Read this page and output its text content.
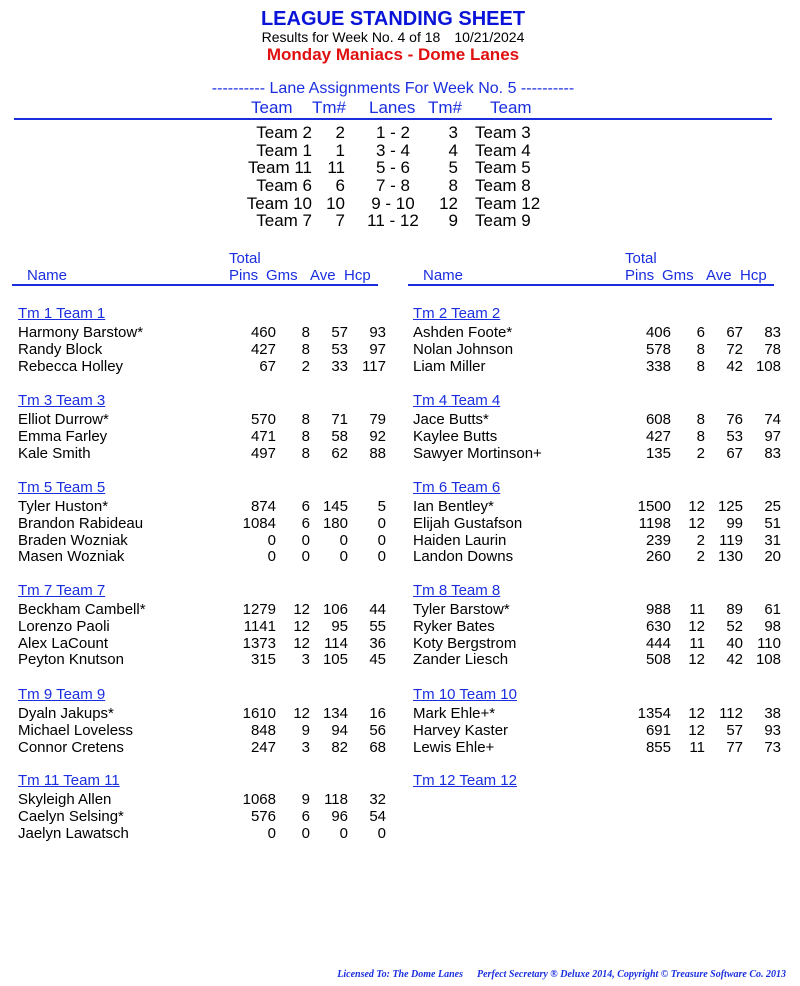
LEAGUE STANDING SHEET
Results for Week No. 4 of 18 10/21/2024
Monday Maniacs - Dome Lanes
---------- Lane Assignments For Week No. 5 ----------
Team Tm# Lanes Tm# Team
Team 2	2	1 - 2	3 Team 3
Team 1	1	3 - 4	4 Team 4
Team 11 11	5 - 6	5 Team 5
Team 6	6	7 - 8	8 Team 8
Team 10 10	9 - 10	12 Team 12
Team 7	7	11 - 12	9 Team 9
Total
Name	Pins Gms Ave Hcp
Total
Name	Pins Gms Ave Hcp
Tm 1 Team 1
Harmony Barstow*	460	8	57	93
Randy Block	427	8	53	97
Rebecca Holley	67	2	33 117
Tm 3 Team 3
Elliot Durrow*	570	8	71	79
Emma Farley	471	8	58	92
Kale Smith	497	8	62	88
Tm 5 Team 5
Tyler Huston*	874	6 145	5
Brandon Rabideau	1084	6 180	0
Braden Wozniak	0	0	0	0
Masen Wozniak	0	0	0	0
Tm 7 Team 7
Beckham Cambell*	1279	12 106	44
Lorenzo Paoli	1141	12	95	55
Alex LaCount	1373	12 114	36
Peyton Knutson	315	3 105	45
Tm 9 Team 9
Dyaln Jakups*	1610	12 134	16
Michael Loveless	848	9	94	56
Connor Cretens	247	3	82	68
Tm 11 Team 11
Skyleigh Allen	1068	9 118	32
Caelyn Selsing*	576	6	96	54
Jaelyn Lawatsch	0	0	0	0
Tm 2 Team 2
Ashden Foote*	406	6	67	83
Nolan Johnson	578	8	72	78
Liam Miller	338	8	42 108
Tm 4 Team 4
Jace Butts*	608	8	76	74
Kaylee Butts	427	8	53	97
Sawyer Mortinson+	135	2	67	83
Tm 6 Team 6
Ian Bentley*	1500	12 125	25
Elijah Gustafson	1198	12	99	51
Haiden Laurin	239	2 119	31
Landon Downs	260	2 130	20
Tm 8 Team 8
Tyler Barstow*	988	11	89	61
Ryker Bates	630	12	52	98
Koty Bergstrom	444	11	40 110
Zander Liesch	508	12	42 108
Tm 10 Team 10
Mark Ehle+*	1354	12 112	38
Harvey Kaster	691	12	57	93
Lewis Ehle+	855	11	77	73
Tm 12 Team 12
Licensed To: The Dome Lanes Perfect Secretary ® Deluxe 2014, Copyright © Treasure Software Co. 2013
